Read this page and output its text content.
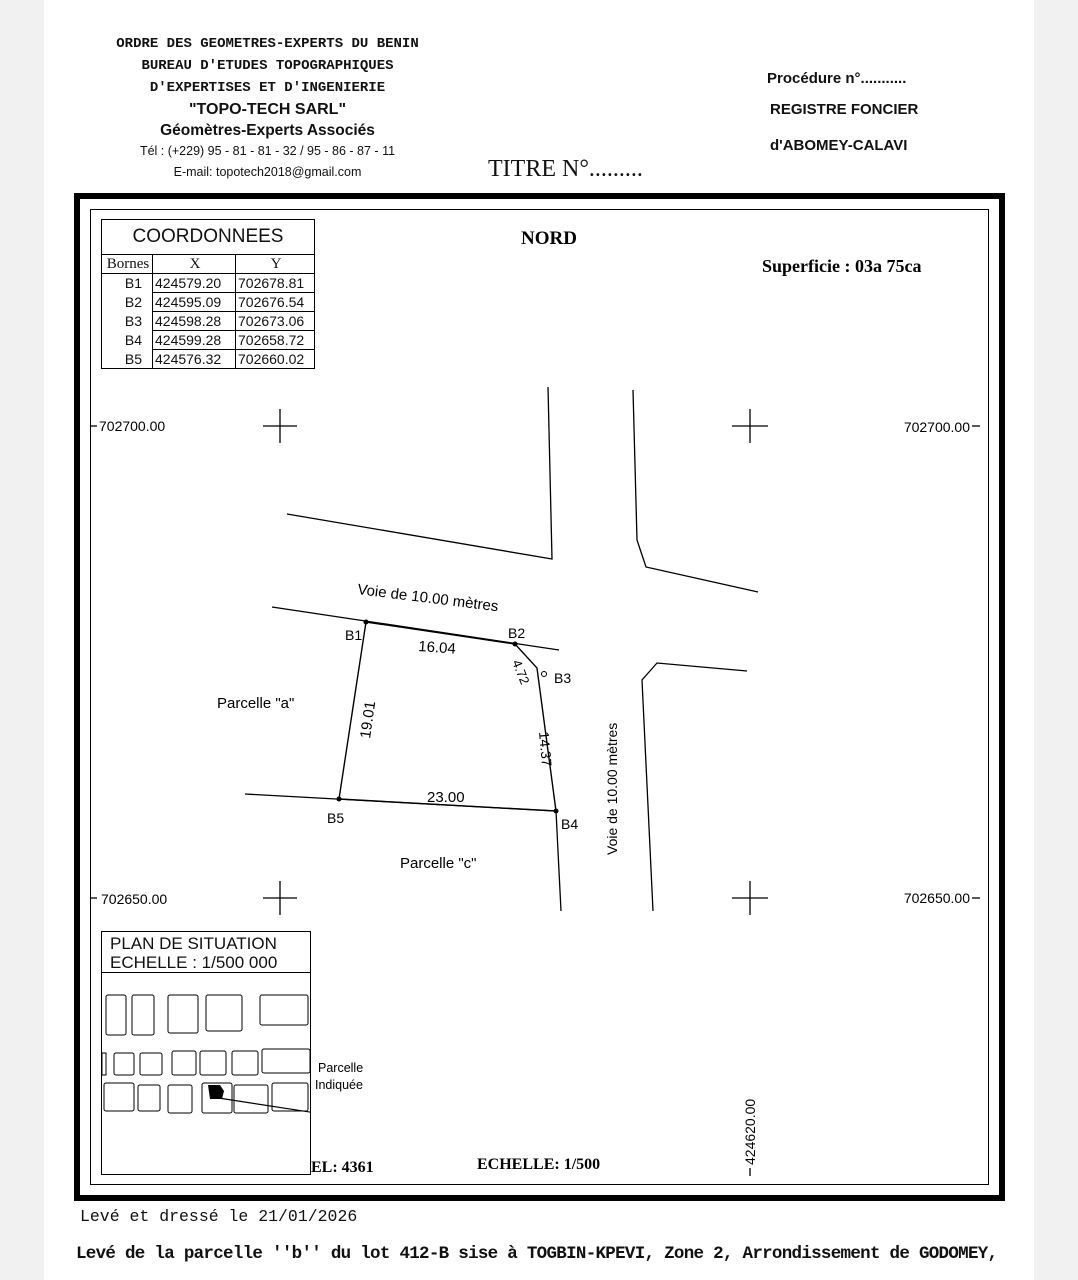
ORDRE DES GEOMETRES-EXPERTS DU BENIN
BUREAU D'ETUDES TOPOGRAPHIQUES
D'EXPERTISES ET D'INGENIERIE
"TOPO-TECH SARL"
Géomètres-Experts Associés
Tél : (+229) 95 - 81 - 81 - 32 / 95 - 86 - 87 - 11
E-mail: topotech2018@gmail.com
Procédure n°...........
REGISTRE FONCIER
d'ABOMEY-CALAVI
TITRE N°.........
702700.00	702700.00
702650.00	702650.00
424620.00
Voie de 10.00 mètres
Voie de 10.00 mètres
B1	B2
B3
B4
B5
16.04
4.72
14.37
23.00
19.01
Parcelle "a"
Parcelle "c"
NORD
Superficie : 03a 75ca
EL: 4361	ECHELLE: 1/500
Parcelle
Indiquée
COORDONNEES		
Bornes	X	Y
B1	424579.20	702678.81
B2	424595.09	702676.54
B3	424598.28	702673.06
B4	424599.28	702658.72
B5	424576.32	702660.02
PLAN DE SITUATION
ECHELLE : 1/500 000
Levé et dressé le 21/01/2026
Levé de la parcelle ''b'' du lot 412-B sise à TOGBIN-KPEVI, Zone 2, Arrondissement de GODOMEY,
